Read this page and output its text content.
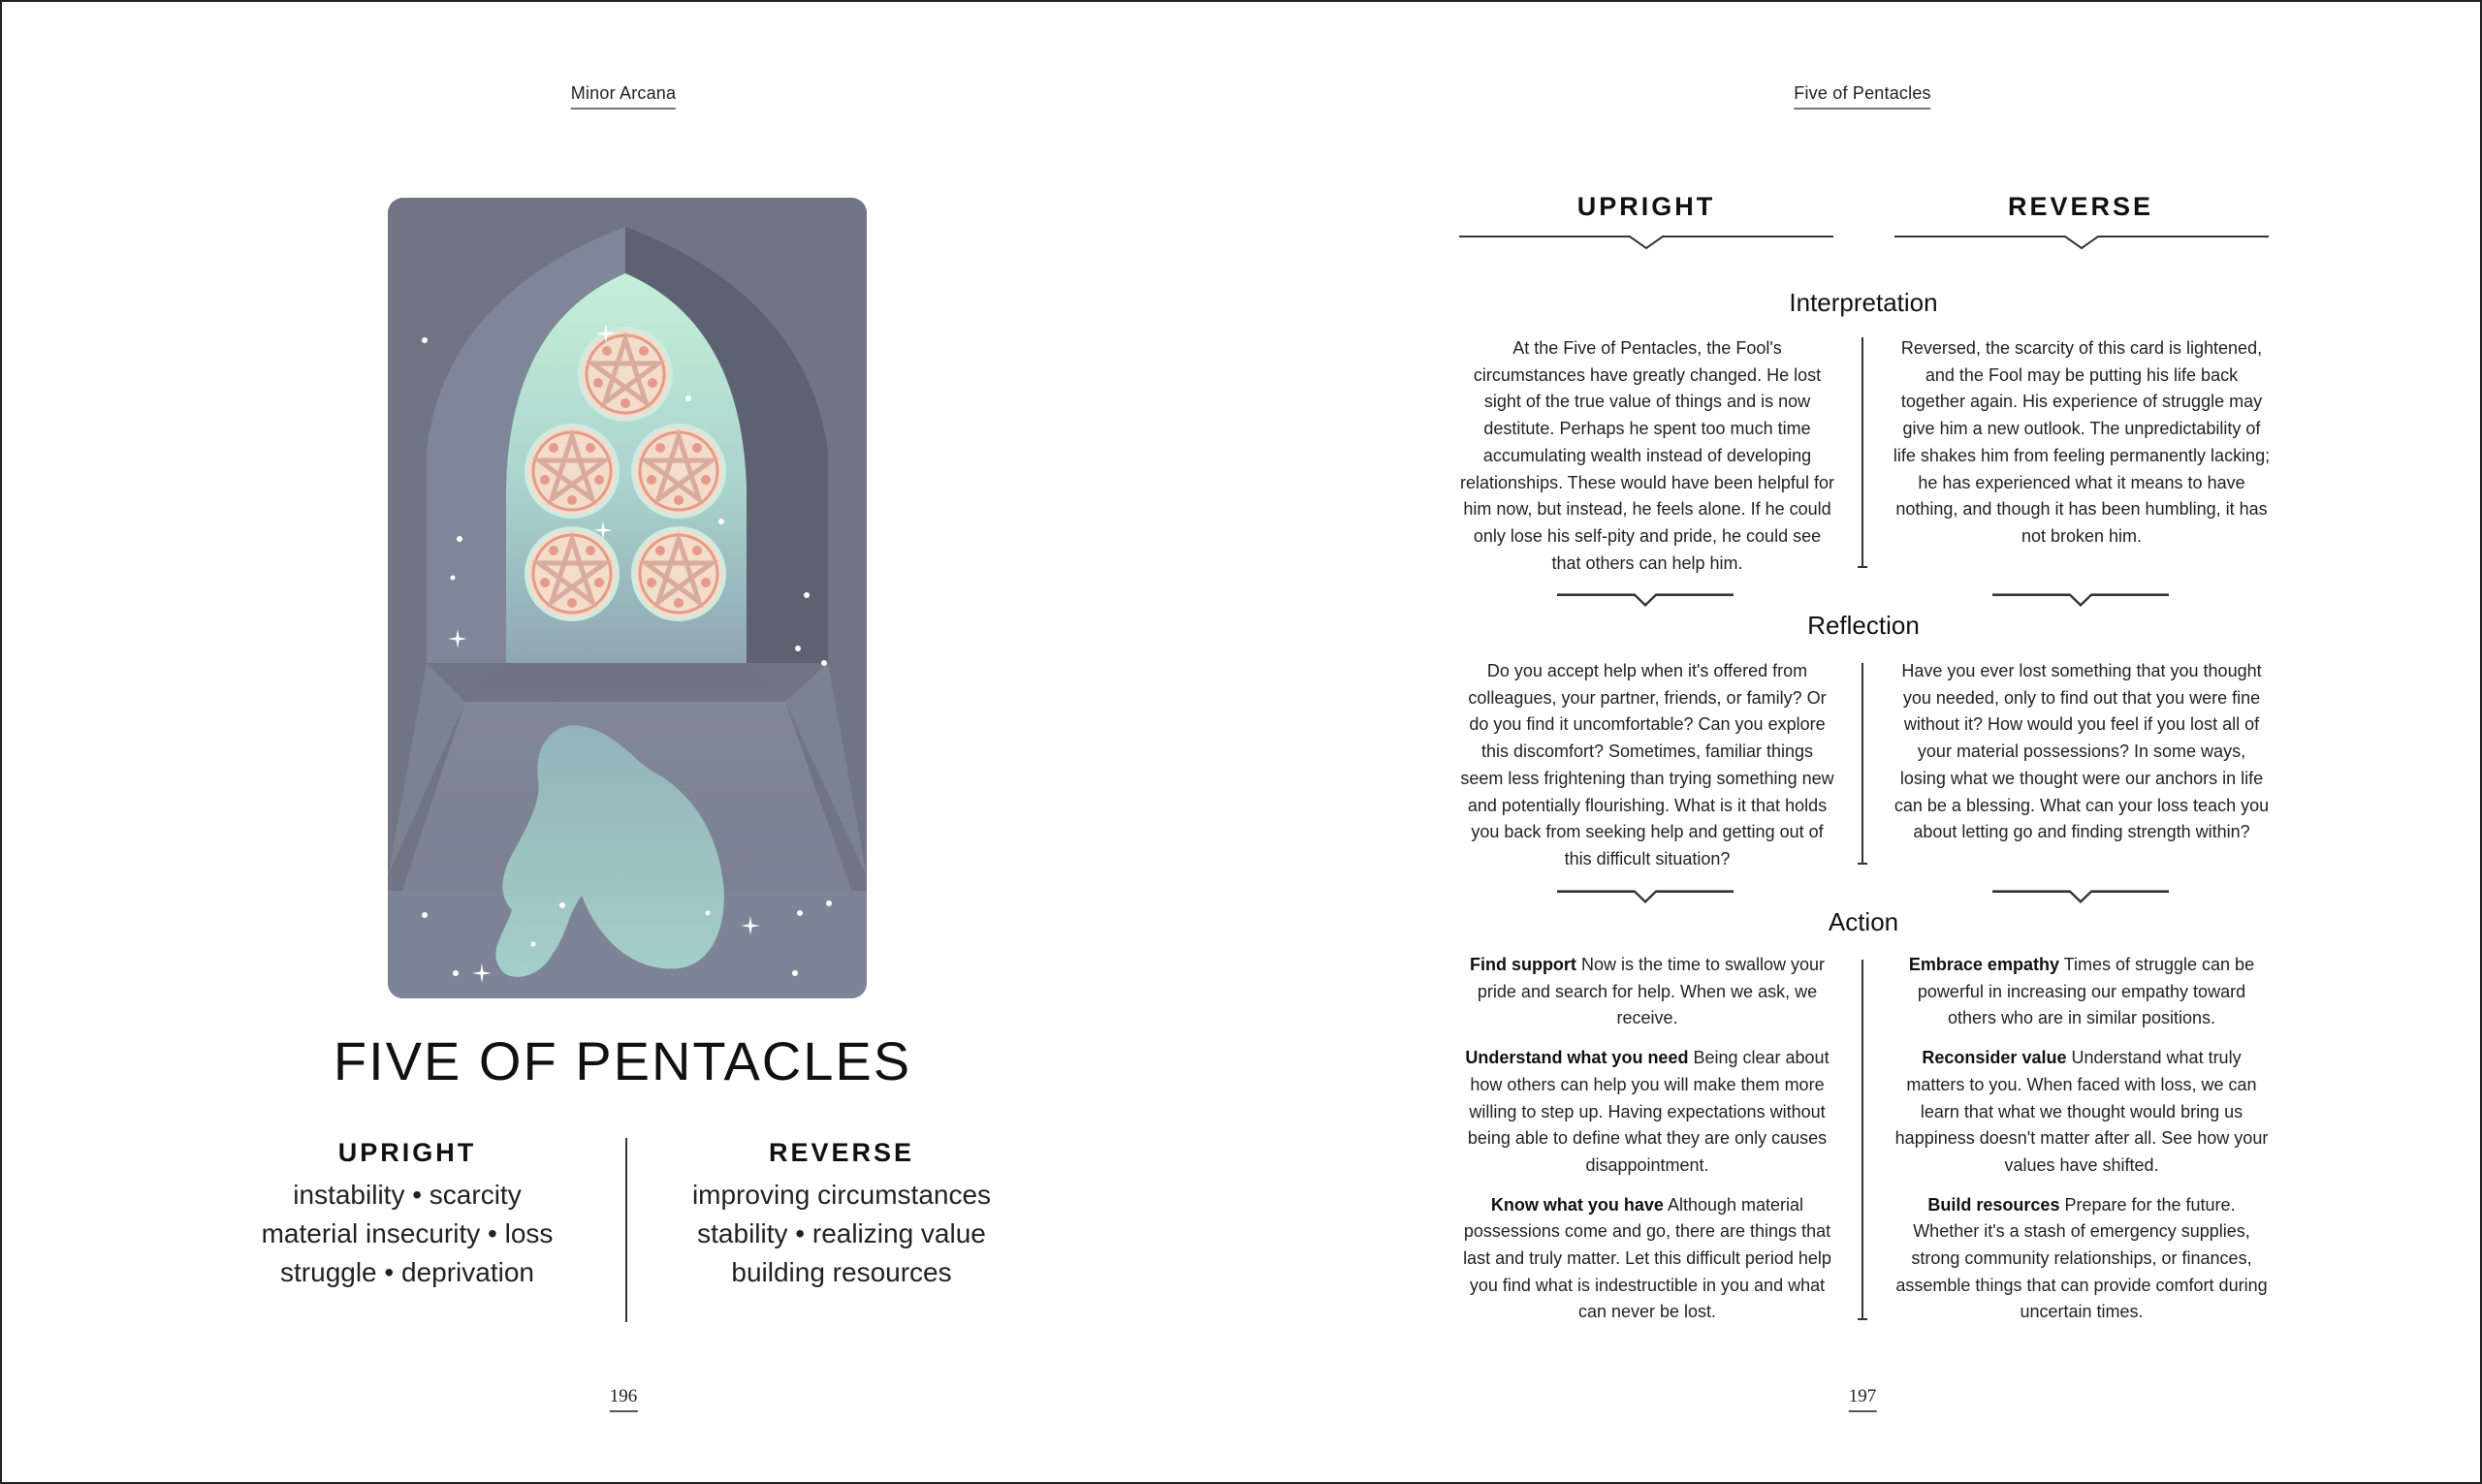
Minor Arcana
FIVE OF PENTACLES
UPRIGHT
instability • scarcity
material insecurity • loss
struggle • deprivation
REVERSE
improving circumstances
stability • realizing value
building resources
196
Five of Pentacles
UPRIGHT	REVERSE
Interpretation
At the Five of Pentacles, the Fool's circumstances have greatly changed. He lost sight of the true value of things and is now destitute. Perhaps he spent too much time accumulating wealth instead of developing relationships. These would have been helpful for him now, but instead, he feels alone. If he could only lose his self-pity and pride, he could see that others can help him.
Reversed, the scarcity of this card is lightened, and the Fool may be putting his life back together again. His experience of struggle may give him a new outlook. The unpredictability of life shakes him from feeling permanently lacking; he has experienced what it means to have nothing, and though it has been humbling, it has not broken him.
Reflection
Do you accept help when it's offered from colleagues, your partner, friends, or family? Or do you find it uncomfortable? Can you explore this discomfort? Sometimes, familiar things seem less frightening than trying something new and potentially flourishing. What is it that holds you back from seeking help and getting out of this difficult situation?
Have you ever lost something that you thought you needed, only to find out that you were fine without it? How would you feel if you lost all of your material possessions? In some ways, losing what we thought were our anchors in life can be a blessing. What can your loss teach you about letting go and finding strength within?
Action
Find support Now is the time to swallow your pride and search for help. When we ask, we receive.
Understand what you need Being clear about how others can help you will make them more willing to step up. Having expectations without being able to define what they are only causes disappointment.
Know what you have Although material possessions come and go, there are things that last and truly matter. Let this difficult period help you find what is indestructible in you and what can never be lost.
Embrace empathy Times of struggle can be powerful in increasing our empathy toward others who are in similar positions.
Reconsider value Understand what truly matters to you. When faced with loss, we can learn that what we thought would bring us happiness doesn't matter after all. See how your values have shifted.
Build resources Prepare for the future. Whether it's a stash of emergency supplies, strong community relationships, or finances, assemble things that can provide comfort during uncertain times.
197
